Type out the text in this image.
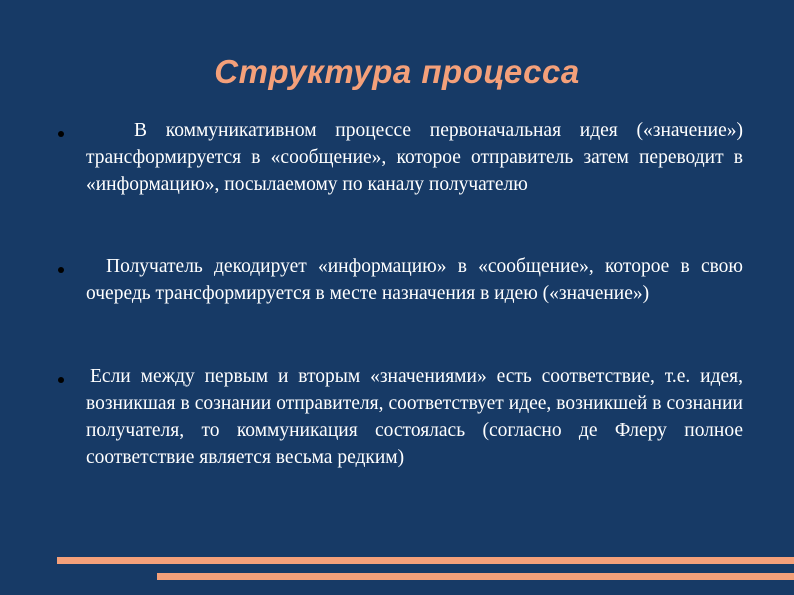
Структура процесса
В коммуникативном процессе первоначальная идея («значение») трансформируется в «сообщение», которое отправитель затем переводит в «информацию», посылаемому по каналу получателю
Получатель декодирует «информацию» в «сообщение», которое в свою очередь трансформируется в месте назначения в идею («значение»)
Если между первым и вторым «значениями» есть соответствие, т.е. идея, возникшая в сознании отправителя, соответствует идее, возникшей в сознании получателя, то коммуникация состоялась (согласно де Флеру полное соответствие является весьма редким)
